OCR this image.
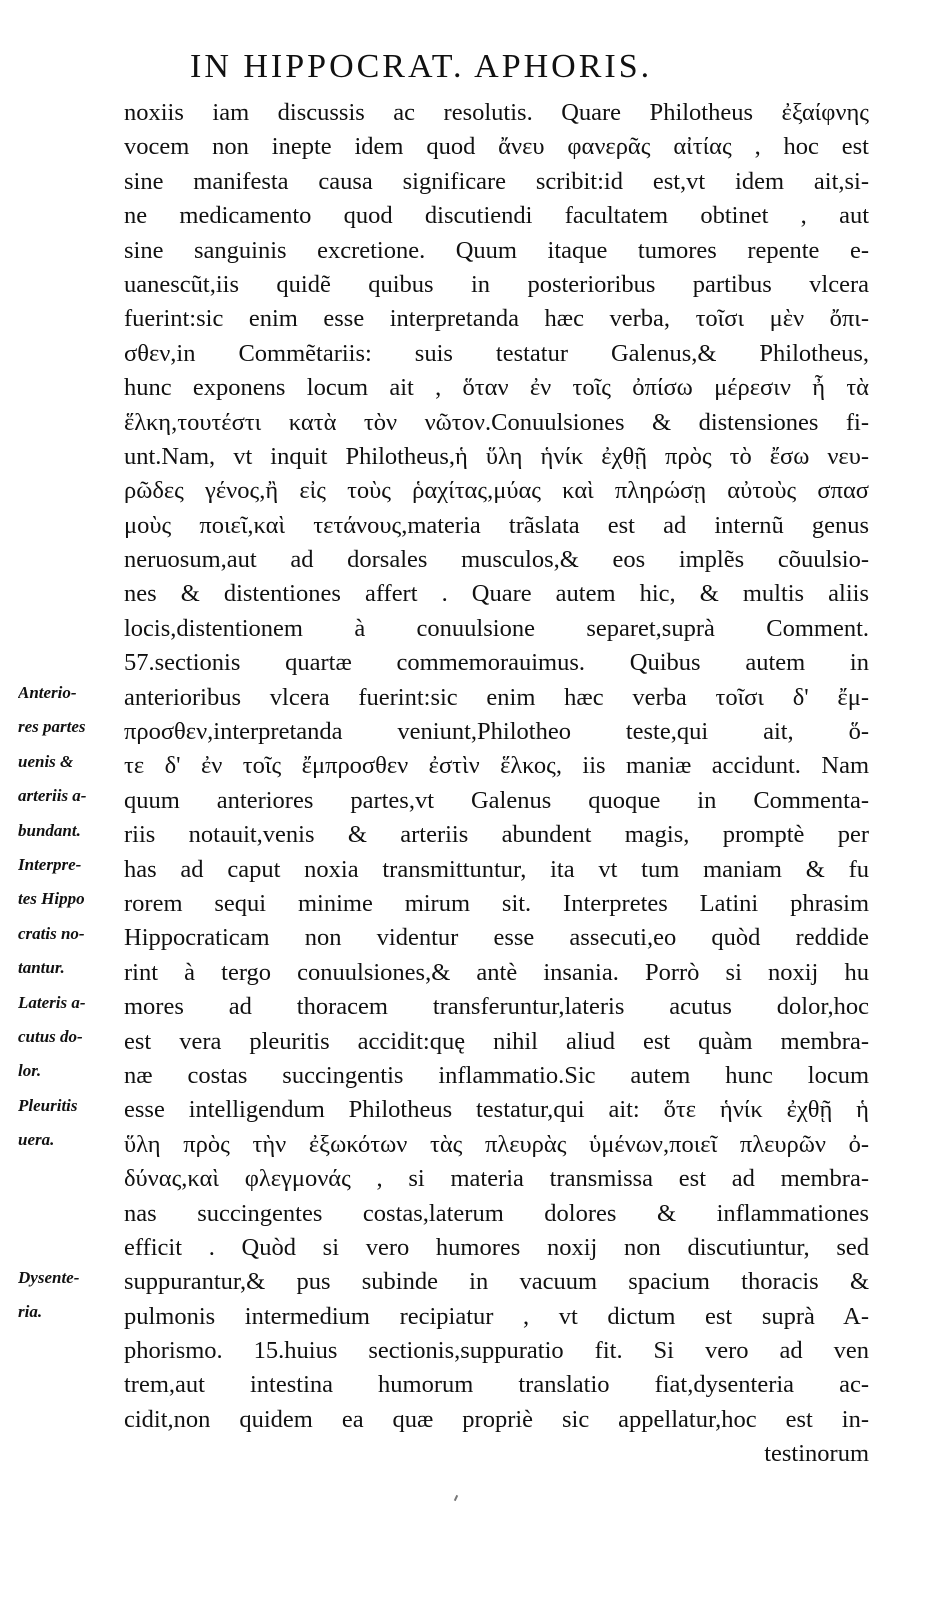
IN HIPPOCRAT. APHORIS.
Anterio-
res partes
uenis &
arteriis a-
bundant.
Interpre-
tes Hippo
cratis no-
tantur.
Lateris a-
cutus do-
lor.
Pleuritis
uera.
Dysente-
ria.
noxiis iam discussis ac resolutis. Quare Philotheus ἐξαίφνης
vocem non inepte idem quod ἄνευ φανερᾶς αἰτίας , hoc est
sine manifesta causa significare scribit:id est,vt idem ait,si-
ne medicamento quod discutiendi facultatem obtinet , aut
sine sanguinis excretione. Quum itaque tumores repente e-
uanescũt,iis quidẽ quibus in posterioribus partibus vlcera
fuerint:sic enim esse interpretanda hæc verba, τοῖσι μὲν ὄπι-
σθεν,in Commẽtariis: suis testatur Galenus,& Philotheus,
hunc exponens locum ait , ὅταν ἐν τοῖς ὀπίσω μέρεσιν ἦ τὰ
ἕλκη,τουτέστι κατὰ τὸν νῶτον.Conuulsiones & distensiones fi-
unt.Nam, vt inquit Philotheus,ἡ ὕλη ἡνίκ ἐχθῇ πρὸς τὸ ἔσω νευ-
ρῶδες γένος,ἢ εἰς τοὺς ῥαχίτας,μύας καὶ πληρώσῃ αὐτοὺς σπασ
μοὺς ποιεῖ,καὶ τετάνους,materia trãslata est ad internũ genus
neruosum,aut ad dorsales musculos,& eos implẽs cõuulsio-
nes & distentiones affert . Quare autem hic, & multis aliis
locis,distentionem à conuulsione separet,suprà Comment.
57.sectionis quartæ commemorauimus. Quibus autem in
anterioribus vlcera fuerint:sic enim hæc verba τοῖσι δ' ἔμ-
προσθεν,interpretanda veniunt,Philotheo teste,qui ait, ὅ-
τε δ' ἐν τοῖς ἔμπροσθεν ἐστὶν ἕλκος, iis maniæ accidunt. Nam
quum anteriores partes,vt Galenus quoque in Commenta-
riis notauit,venis & arteriis abundent magis, promptè per
has ad caput noxia transmittuntur, ita vt tum maniam & fu
rorem sequi minime mirum sit. Interpretes Latini phrasim
Hippocraticam non videntur esse assecuti,eo quòd reddide
rint à tergo conuulsiones,& antè insania. Porrò si noxij hu
mores ad thoracem transferuntur,lateris acutus dolor,hoc
est vera pleuritis accidit:quę nihil aliud est quàm membra-
næ costas succingentis inflammatio.Sic autem hunc locum
esse intelligendum Philotheus testatur,qui ait: ὅτε ἡνίκ ἐχθῇ ἡ
ὕλη πρὸς τὴν ἐξωκότων τὰς πλευρὰς ὑμένων,ποιεῖ πλευρῶν ὀ-
δύνας,καὶ φλεγμονάς , si materia transmissa est ad membra-
nas succingentes costas,laterum dolores & inflammationes
efficit . Quòd si vero humores noxij non discutiuntur, sed
suppurantur,& pus subinde in vacuum spacium thoracis &
pulmonis intermedium recipiatur , vt dictum est suprà A-
phorismo. 15.huius sectionis,suppuratio fit. Si vero ad ven
trem,aut intestina humorum translatio fiat,dysenteria ac-
cidit,non quidem ea quæ propriè sic appellatur,hoc est in-
testinorum
